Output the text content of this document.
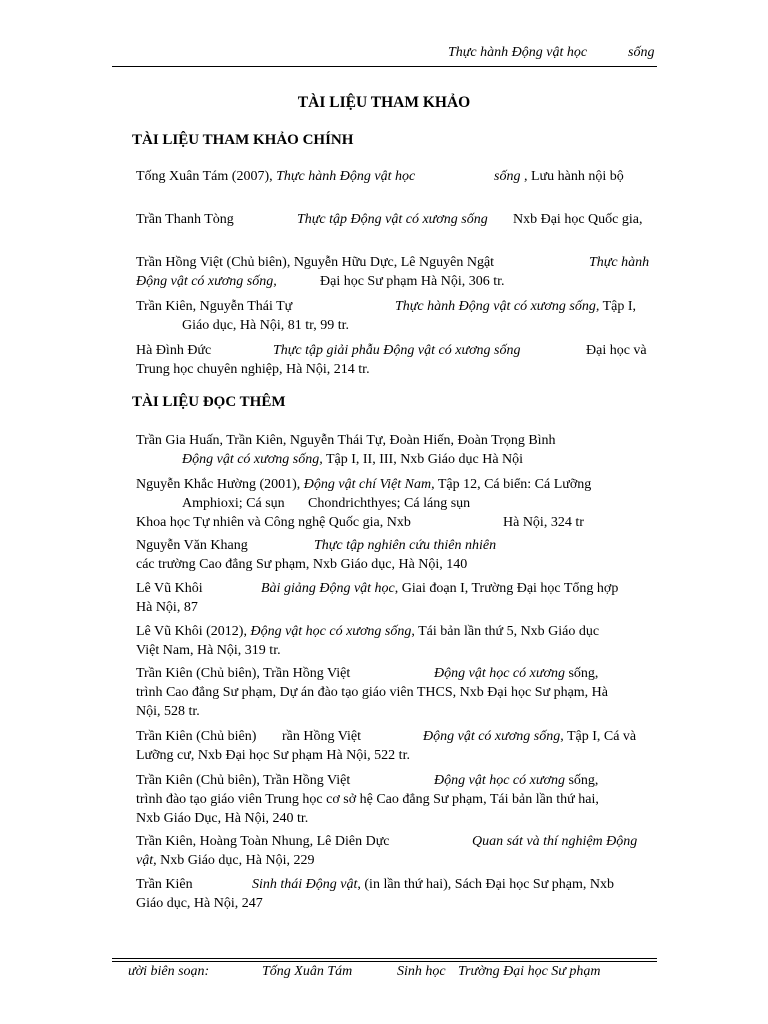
Thực hành Động vật học	sống
TÀI LIỆU THAM KHẢO
TÀI LIỆU THAM KHẢO CHÍNH
Tống Xuân Tám (2007), Thực hành Động vật học	sống , Lưu hành nội bộ
Trần Thanh Tòng	Thực tập Động vật có xương sống Nxb Đại học Quốc gia,
Trần Hồng Việt (Chủ biên), Nguyễn Hữu Dực, Lê Nguyên Ngật	Thực hành
Động vật có xương sống,	Đại học Sư phạm Hà Nội, 306 tr.
Trần Kiên, Nguyễn Thái Tự	Thực hành Động vật có xương sống, Tập I,
Giáo dục, Hà Nội, 81 tr, 99 tr.
Hà Đình Đức	Thực tập giải phẫu Động vật có xương sống	Đại học và
Trung học chuyên nghiệp, Hà Nội, 214 tr.
TÀI LIỆU ĐỌC THÊM
Trần Gia Huấn, Trần Kiên, Nguyễn Thái Tự, Đoàn Hiến, Đoàn Trọng Bình
Động vật có xương sống, Tập I, II, III, Nxb Giáo dục Hà Nội
Nguyễn Khắc Hường (2001), Động vật chí Việt Nam, Tập 12, Cá biển: Cá Lưỡng
Amphioxi; Cá sụn Chondrichthyes; Cá láng sụn
Khoa học Tự nhiên và Công nghệ Quốc gia, Nxb	Hà Nội, 324 tr
Nguyễn Văn Khang	Thực tập nghiên cứu thiên nhiên
các trường Cao đẳng Sư phạm, Nxb Giáo dục, Hà Nội, 140
Lê Vũ Khôi	Bài giảng Động vật học, Giai đoạn I, Trường Đại học Tổng hợp
Hà Nội, 87
Lê Vũ Khôi (2012), Động vật học có xương sống, Tái bản lần thứ 5, Nxb Giáo dục
Việt Nam, Hà Nội, 319 tr.
Trần Kiên (Chủ biên), Trần Hồng Việt	Động vật học có xương sống,
trình Cao đẳng Sư phạm, Dự án đào tạo giáo viên THCS, Nxb Đại học Sư phạm, Hà
Nội, 528 tr.
Trần Kiên (Chủ biên) rần Hồng Việt	Động vật có xương sống, Tập I, Cá và
Lưỡng cư, Nxb Đại học Sư phạm Hà Nội, 522 tr.
Trần Kiên (Chủ biên), Trần Hồng Việt	Động vật học có xương sống,
trình đào tạo giáo viên Trung học cơ sở hệ Cao đẳng Sư phạm, Tái bản lần thứ hai,
Nxb Giáo Dục, Hà Nội, 240 tr.
Trần Kiên, Hoàng Toàn Nhung, Lê Diên Dực	Quan sát và thí nghiệm Động
vật, Nxb Giáo dục, Hà Nội, 229
Trần Kiên	Sinh thái Động vật, (in lần thứ hai), Sách Đại học Sư phạm, Nxb
Giáo dục, Hà Nội, 247
ười biên soạn:	Tống Xuân Tám	Sinh học Trường Đại học Sư phạm
